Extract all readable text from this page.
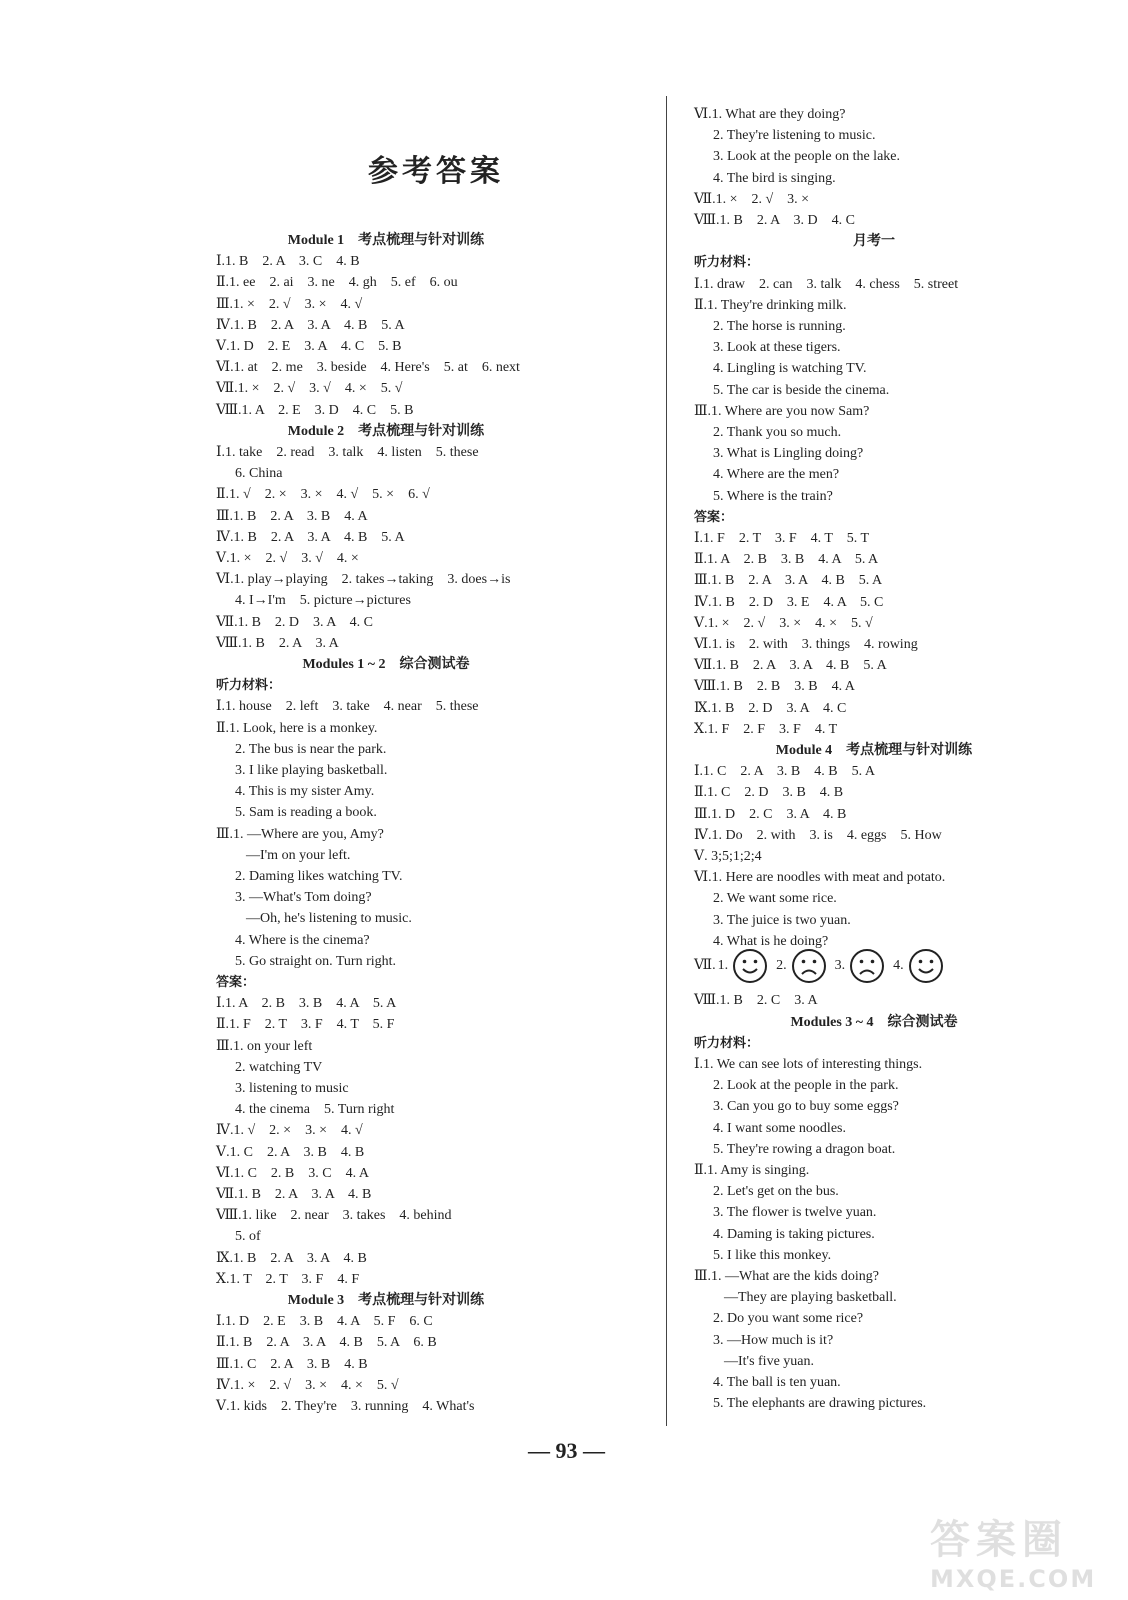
参考答案
Module 1　考点梳理与针对训练
Ⅰ.1. B　2. A　3. C　4. B
Ⅱ.1. ee　2. ai　3. ne　4. gh　5. ef　6. ou
Ⅲ.1. ×　2. √　3. ×　4. √
Ⅳ.1. B　2. A　3. A　4. B　5. A
Ⅴ.1. D　2. E　3. A　4. C　5. B
Ⅵ.1. at　2. me　3. beside　4. Here's　5. at　6. next
Ⅶ.1. ×　2. √　3. √　4. ×　5. √
Ⅷ.1. A　2. E　3. D　4. C　5. B
Module 2　考点梳理与针对训练
Ⅰ.1. take　2. read　3. talk　4. listen　5. these
6. China
Ⅱ.1. √　2. ×　3. ×　4. √　5. ×　6. √
Ⅲ.1. B　2. A　3. B　4. A
Ⅳ.1. B　2. A　3. A　4. B　5. A
Ⅴ.1. ×　2. √　3. √　4. ×
Ⅵ.1. play→playing　2. takes→taking　3. does→is
4. I→I'm　5. picture→pictures
Ⅶ.1. B　2. D　3. A　4. C
Ⅷ.1. B　2. A　3. A
Modules 1 ~ 2　综合测试卷
听力材料：
Ⅰ.1. house　2. left　3. take　4. near　5. these
Ⅱ.1. Look, here is a monkey.
2. The bus is near the park.
3. I like playing basketball.
4. This is my sister Amy.
5. Sam is reading a book.
Ⅲ.1. —Where are you, Amy?
—I'm on your left.
2. Daming likes watching TV.
3. —What's Tom doing?
—Oh, he's listening to music.
4. Where is the cinema?
5. Go straight on. Turn right.
答案：
Ⅰ.1. A　2. B　3. B　4. A　5. A
Ⅱ.1. F　2. T　3. F　4. T　5. F
Ⅲ.1. on your left
2. watching TV
3. listening to music
4. the cinema　5. Turn right
Ⅳ.1. √　2. ×　3. ×　4. √
Ⅴ.1. C　2. A　3. B　4. B
Ⅵ.1. C　2. B　3. C　4. A
Ⅶ.1. B　2. A　3. A　4. B
Ⅷ.1. like　2. near　3. takes　4. behind
5. of
Ⅸ.1. B　2. A　3. A　4. B
Ⅹ.1. T　2. T　3. F　4. F
Module 3　考点梳理与针对训练
Ⅰ.1. D　2. E　3. B　4. A　5. F　6. C
Ⅱ.1. B　2. A　3. A　4. B　5. A　6. B
Ⅲ.1. C　2. A　3. B　4. B
Ⅳ.1. ×　2. √　3. ×　4. ×　5. √
Ⅴ.1. kids　2. They're　3. running　4. What's
Ⅵ.1. What are they doing?
2. They're listening to music.
3. Look at the people on the lake.
4. The bird is singing.
Ⅶ.1. ×　2. √　3. ×
Ⅷ.1. B　2. A　3. D　4. C
月考一
听力材料：
Ⅰ.1. draw　2. can　3. talk　4. chess　5. street
Ⅱ.1. They're drinking milk.
2. The horse is running.
3. Look at these tigers.
4. Lingling is watching TV.
5. The car is beside the cinema.
Ⅲ.1. Where are you now Sam?
2. Thank you so much.
3. What is Lingling doing?
4. Where are the men?
5. Where is the train?
答案：
Ⅰ.1. F　2. T　3. F　4. T　5. T
Ⅱ.1. A　2. B　3. B　4. A　5. A
Ⅲ.1. B　2. A　3. A　4. B　5. A
Ⅳ.1. B　2. D　3. E　4. A　5. C
Ⅴ.1. ×　2. √　3. ×　4. ×　5. √
Ⅵ.1. is　2. with　3. things　4. rowing
Ⅶ.1. B　2. A　3. A　4. B　5. A
Ⅷ.1. B　2. B　3. B　4. A
Ⅸ.1. B　2. D　3. A　4. C
Ⅹ.1. F　2. F　3. F　4. T
Module 4　考点梳理与针对训练
Ⅰ.1. C　2. A　3. B　4. B　5. A
Ⅱ.1. C　2. D　3. B　4. B
Ⅲ.1. D　2. C　3. A　4. B
Ⅳ.1. Do　2. with　3. is　4. eggs　5. How
Ⅴ. 3;5;1;2;4
Ⅵ.1. Here are noodles with meat and potato.
2. We want some rice.
3. The juice is two yuan.
4. What is he doing?
Ⅶ. 1.	2.	3.	4.
Ⅷ.1. B　2. C　3. A
Modules 3 ~ 4　综合测试卷
听力材料：
Ⅰ.1. We can see lots of interesting things.
2. Look at the people in the park.
3. Can you go to buy some eggs?
4. I want some noodles.
5. They're rowing a dragon boat.
Ⅱ.1. Amy is singing.
2. Let's get on the bus.
3. The flower is twelve yuan.
4. Daming is taking pictures.
5. I like this monkey.
Ⅲ.1. —What are the kids doing?
—They are playing basketball.
2. Do you want some rice?
3. —How much is it?
—It's five yuan.
4. The ball is ten yuan.
5. The elephants are drawing pictures.
— 93 —
答案圈
MXQE.COM
